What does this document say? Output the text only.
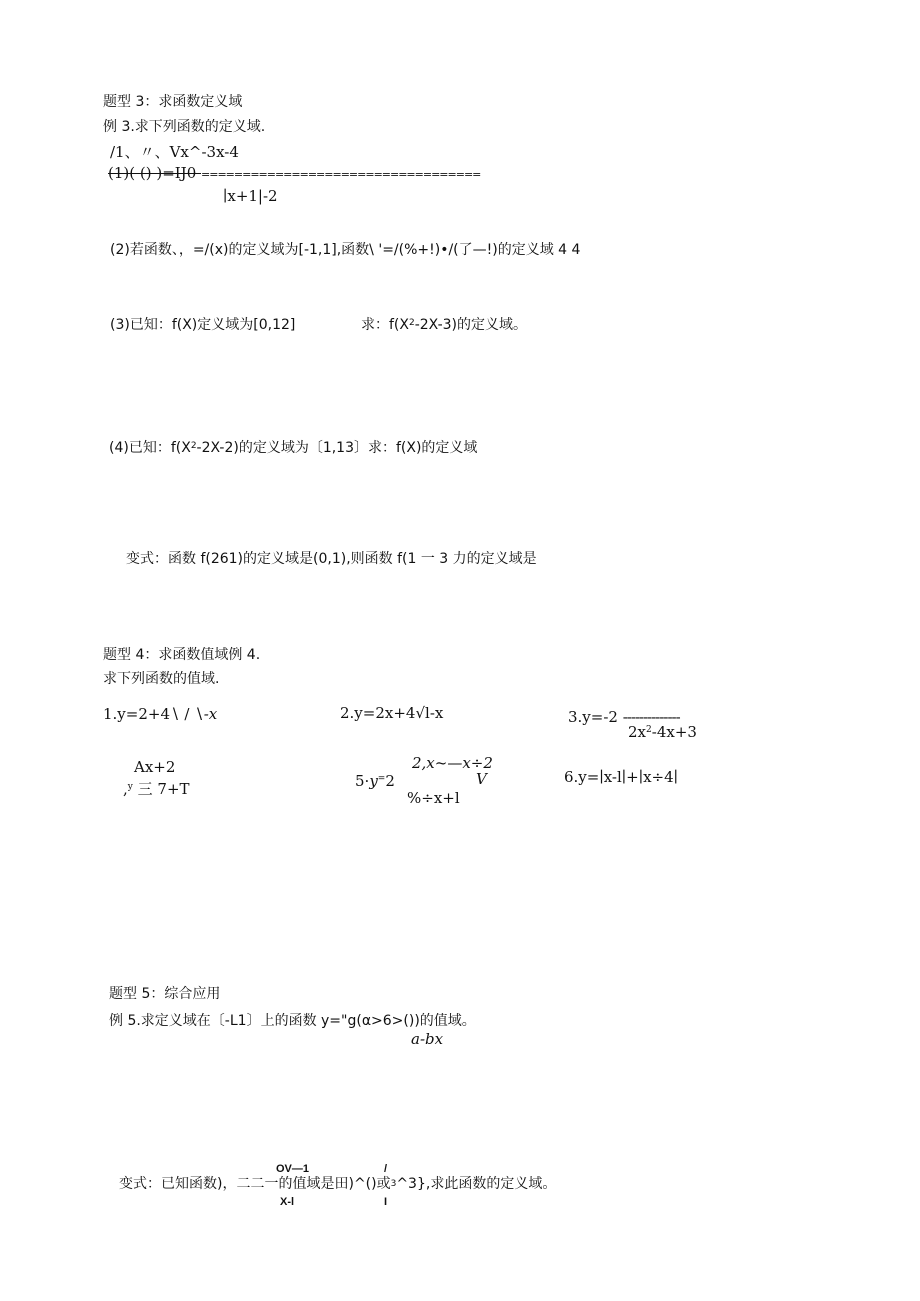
题型 3：求函数定义域
例 3.求下列函数的定义域.
/1、〃、Vx^-3x-4
(1)( () )=IJ0 ==================================
∣x+1|-2
(2)若函数、，=/(x)的定义域为[-1,1],函数\ '=/(%+!)•/(了—!)的定义域 4 4
(3)已知：f(X)定义域为[0,12]	求：$f(X^2-2X-3)$的定义域。
(4)已知：$f(X^2-2X-2)$的定义域为〔1,13〕求：f(X)的定义域
变式：函数 f(261)的定义域是(0,1),则函数 f(1 一 3 力的定义域是
题型 4：求函数值域例 4.
求下列函数的值域.
1.y=2+4∖ / ∖-x	2.y=2x+4√l-x	3.y=-2 --------------
$2x^2-4x+3$
Ax+2
,$^y$ 三 7+T
2,x~—x÷2
5·y=2	V
%÷x+l
6.y=∣x-l∣+∣x÷4∣
题型 5：综合应用
例 5.求定义域在〔-L1〕上的函数 y="g(α>6>())的值域。
a-bx
OV—1	/
变式：已知函数)，二二一的值域是田)^()或3^3},求此函数的定义域。
X-l	I
